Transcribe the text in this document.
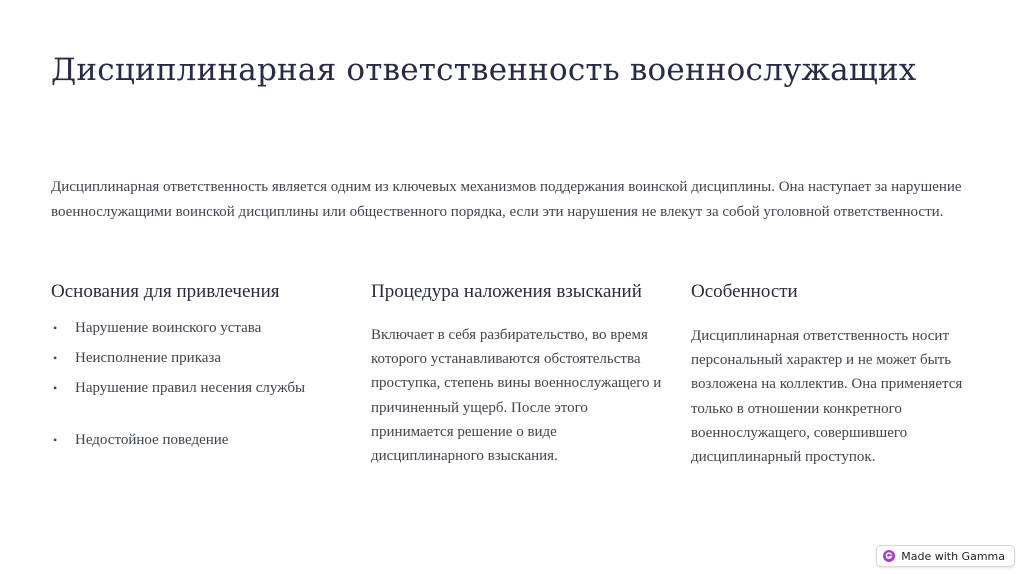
Дисциплинарная ответственность военнослужащих

Дисциплинарная ответственность является одним из ключевых механизмов поддержания воинской дисциплины. Она наступает за нарушение военнослужащими воинской дисциплины или общественного порядка, если эти нарушения не влекут за собой уголовной ответственности.

Основания для привлечения
• Нарушение воинского устава
• Неисполнение приказа
• Нарушение правил несения службы
• Недостойное поведение
Процедура наложения взысканий

Включает в себя разбирательство, во время которого устанавливаются обстоятельства проступка, степень вины военнослужащего и причиненный ущерб. После этого принимается решение о виде дисциплинарного взыскания.

Особенности

Дисциплинарная ответственность носит персональный характер и не может быть возложена на коллектив. Она применяется только в отношении конкретного военнослужащего, совершившего дисциплинарный проступок.

Made with Gamma
